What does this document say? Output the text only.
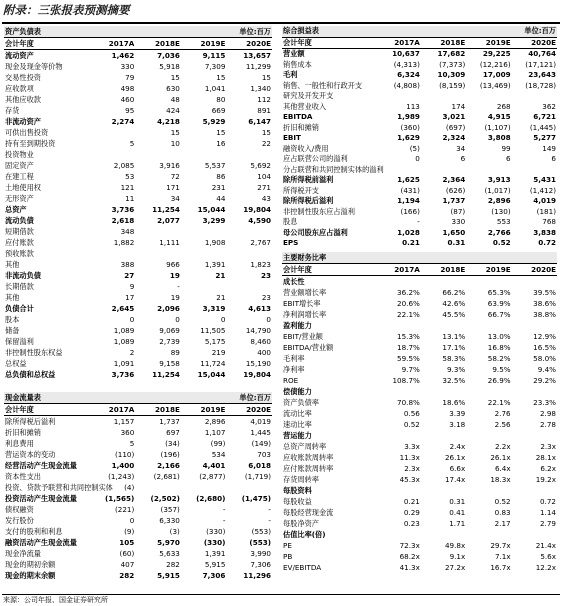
附录：三张报表预测摘要
资产负债表			单位:百万	
会计年度	2017A	2018E	2019E	2020E
流动资产	1,462	7,036	9,115	13,657
现金及现金等价物	330	5,918	7,309	11,299
交易性投资	79	15	15	15
应收款项	498	630	1,041	1,340
其他应收款	460	48	80	112
存货	95	424	669	891
非流动资产	2,274	4,218	5,929	6,147
可供出售投资		15	15	15
持有至到期投资	5	10	16	22
投资物业				
固定资产	2,085	3,916	5,537	5,692
在建工程	53	72	86	104
土地使用权	121	171	231	271
无形资产	11	34	44	43
总资产	3,736	11,254	15,044	19,804
流动负债	2,618	2,077	3,299	4,590
短期借款	348			
应付账款	1,882	1,111	1,908	2,767
预收账款				
其他	388	966	1,391	1,823
非流动负债	27	19	21	23
长期借款	9	-		
其他	17	19	21	23
负债合计	2,645	2,096	3,319	4,613
股本	0	0	0	0
储备	1,089	9,069	11,505	14,790
保留溢利	1,089	2,739	5,175	8,460
非控制性股东权益	2	89	219	400
总权益	1,091	9,158	11,724	15,190
总负债和总权益	3,736	11,254	15,044	19,804
现金流量表			单位:百万	
会计年度	2017A	2018E	2019E	2020E
除所得税后溢利	1,157	1,737	2,896	4,019
折旧和摊销	360	697	1,107	1,445
利息费用	5	(34)	(99)	(149)
营运资本的变动	(110)	(196)	534	703
经营活动产生现金流量	1,400	2,166	4,401	6,018
资本性支出	(1,243)	(2,681)	(2,877)	(1,719)
投资、贷款予联营和共同控制实体	(4)			
投资活动产生现金流量	(1,565)	(2,502)	(2,680)	(1,475)
债权融资	(221)	(357)	-	-
发行股份	0	6,330	-	-
支付的股利和利息	(9)	(3)	(330)	(553)
融资活动产生现金流量	105	5,970	(330)	(553)
现金净流量	(60)	5,633	1,391	3,990
现金的期初余额	407	282	5,915	7,306
现金的期末余额	282	5,915	7,306	11,296
综合损益表			单位:百万	
会计年度	2017A	2018E	2019E	2020E
营业额	10,637	17,682	29,225	40,764
销售成本	(4,313)	(7,373)	(12,216)	(17,121)
毛利	6,324	10,309	17,009	23,643
销售、一般性和行政开支	(4,808)	(8,159)	(13,469)	(18,728)
研究及开发开支				
其他营业收入	113	174	268	362
EBITDA	1,989	3,021	4,915	6,721
折旧和摊销	(360)	(697)	(1,107)	(1,445)
EBIT	1,629	2,324	3,808	5,277
融资收入/费用	(5)	34	99	149
应占联营公司的溢利	0	6	6	6
分占联营和共同控制实体的溢利				
除所得税前溢利	1,625	2,364	3,913	5,431
所得税开支	(431)	(626)	(1,017)	(1,412)
除所得税后溢利	1,194	1,737	2,896	4,019
非控制性股东应占溢利	(166)	(87)	(130)	(181)
股息	-	330	553	768
母公司股东应占溢利	1,028	1,650	2,766	3,838
EPS	0.21	0.31	0.52	0.72
主要财务比率				
会计年度	2017A	2018E	2019E	2020E
成长性				
营业额增长率	36.2%	66.2%	65.3%	39.5%
EBIT增长率	20.6%	42.6%	63.9%	38.6%
净利润增长率	22.1%	45.5%	66.7%	38.8%
盈利能力				
EBIT/营业额	15.3%	13.1%	13.0%	12.9%
EBITDA/营业额	18.7%	17.1%	16.8%	16.5%
毛利率	59.5%	58.3%	58.2%	58.0%
净利率	9.7%	9.3%	9.5%	9.4%
ROE	108.7%	32.5%	26.9%	29.2%
偿债能力				
资产负债率	70.8%	18.6%	22.1%	23.3%
流动比率	0.56	3.39	2.76	2.98
速动比率	0.52	3.18	2.56	2.78
营运能力				
总资产周转率	3.3x	2.4x	2.2x	2.3x
应收账款周转率	11.3x	26.1x	26.1x	28.1x
应付账款周转率	2.3x	6.6x	6.4x	6.2x
存货周转率	45.3x	17.4x	18.3x	19.2x
每股资料				
每股收益	0.21	0.31	0.52	0.72
每股经营现金流	0.29	0.41	0.83	1.14
每股净资产	0.23	1.71	2.17	2.79
估值比率(倍)				
PE	72.3x	49.8x	29.7x	21.4x
PB	68.2x	9.1x	7.1x	5.6x
EV/EBITDA	41.3x	27.2x	16.7x	12.2x
来源：公司年报、国金证券研究所
